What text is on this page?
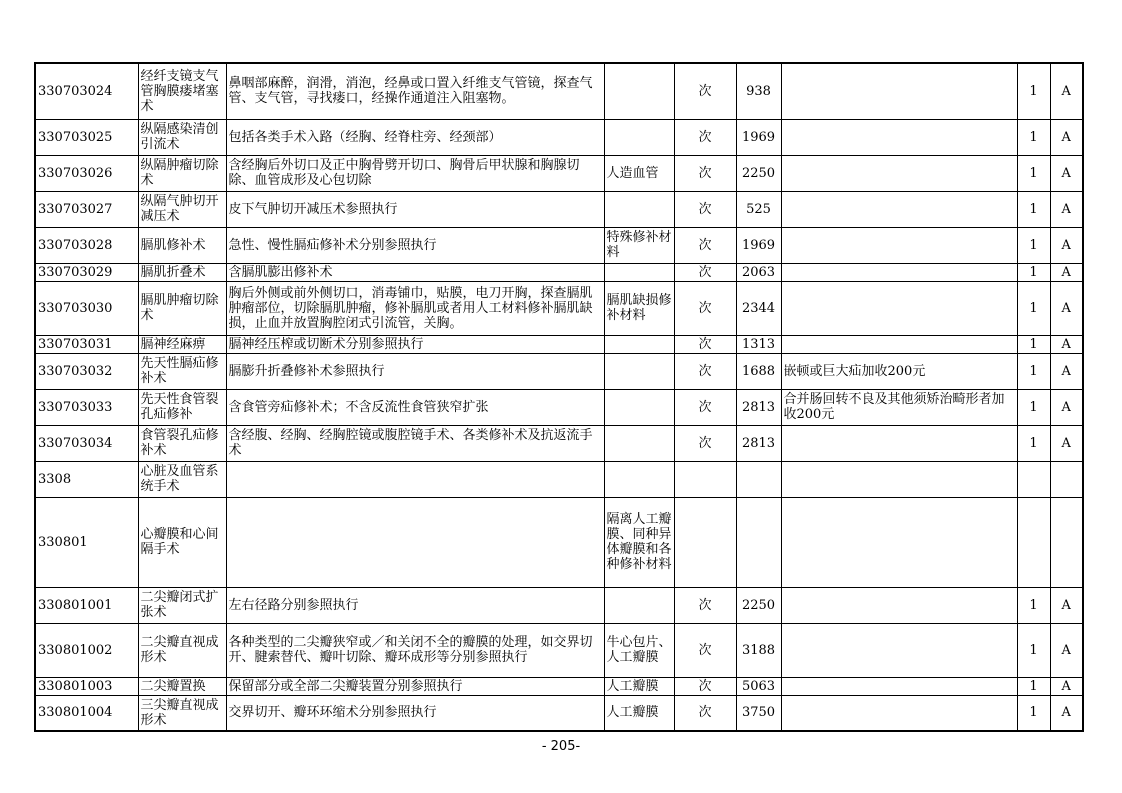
330703024	经纤支镜支气管胸膜瘘堵塞术	鼻咽部麻醉，润滑，消泡，经鼻或口置入纤维支气管镜，探查气管、支气管，寻找瘘口，经操作通道注入阻塞物。		次	938		1	A
330703025	纵隔感染清创引流术	包括各类手术入路（经胸、经脊柱旁、经颈部）		次	1969		1	A
330703026	纵隔肿瘤切除术	含经胸后外切口及正中胸骨劈开切口、胸骨后甲状腺和胸腺切除、血管成形及心包切除	人造血管	次	2250		1	A
330703027	纵隔气肿切开减压术	皮下气肿切开减压术参照执行		次	525		1	A
330703028	膈肌修补术	急性、慢性膈疝修补术分别参照执行	特殊修补材料	次	1969		1	A
330703029	膈肌折叠术	含膈肌膨出修补术		次	2063		1	A
330703030	膈肌肿瘤切除术	胸后外侧或前外侧切口，消毒铺巾，贴膜，电刀开胸，探查膈肌肿瘤部位，切除膈肌肿瘤，修补膈肌或者用人工材料修补膈肌缺损，止血并放置胸腔闭式引流管，关胸。	膈肌缺损修补材料	次	2344		1	A
330703031	膈神经麻痹	膈神经压榨或切断术分别参照执行		次	1313		1	A
330703032	先天性膈疝修补术	膈膨升折叠修补术参照执行		次	1688	嵌顿或巨大疝加收200元	1	A
330703033	先天性食管裂孔疝修补	含食管旁疝修补术；不含反流性食管狭窄扩张		次	2813	合并肠回转不良及其他须矫治畸形者加收200元	1	A
330703034	食管裂孔疝修补术	含经腹、经胸、经胸腔镜或腹腔镜手术、各类修补术及抗返流手术		次	2813		1	A
3308	心脏及血管系统手术							
330801	心瓣膜和心间隔手术		隔离人工瓣膜、同种异体瓣膜和各种修补材料					
330801001	二尖瓣闭式扩张术	左右径路分别参照执行		次	2250		1	A
330801002	二尖瓣直视成形术	各种类型的二尖瓣狭窄或／和关闭不全的瓣膜的处理，如交界切开、腱索替代、瓣叶切除、瓣环成形等分别参照执行	牛心包片、人工瓣膜	次	3188		1	A
330801003	二尖瓣置换	保留部分或全部二尖瓣装置分别参照执行	人工瓣膜	次	5063		1	A
330801004	三尖瓣直视成形术	交界切开、瓣环环缩术分别参照执行	人工瓣膜	次	3750		1	A
- 205-
